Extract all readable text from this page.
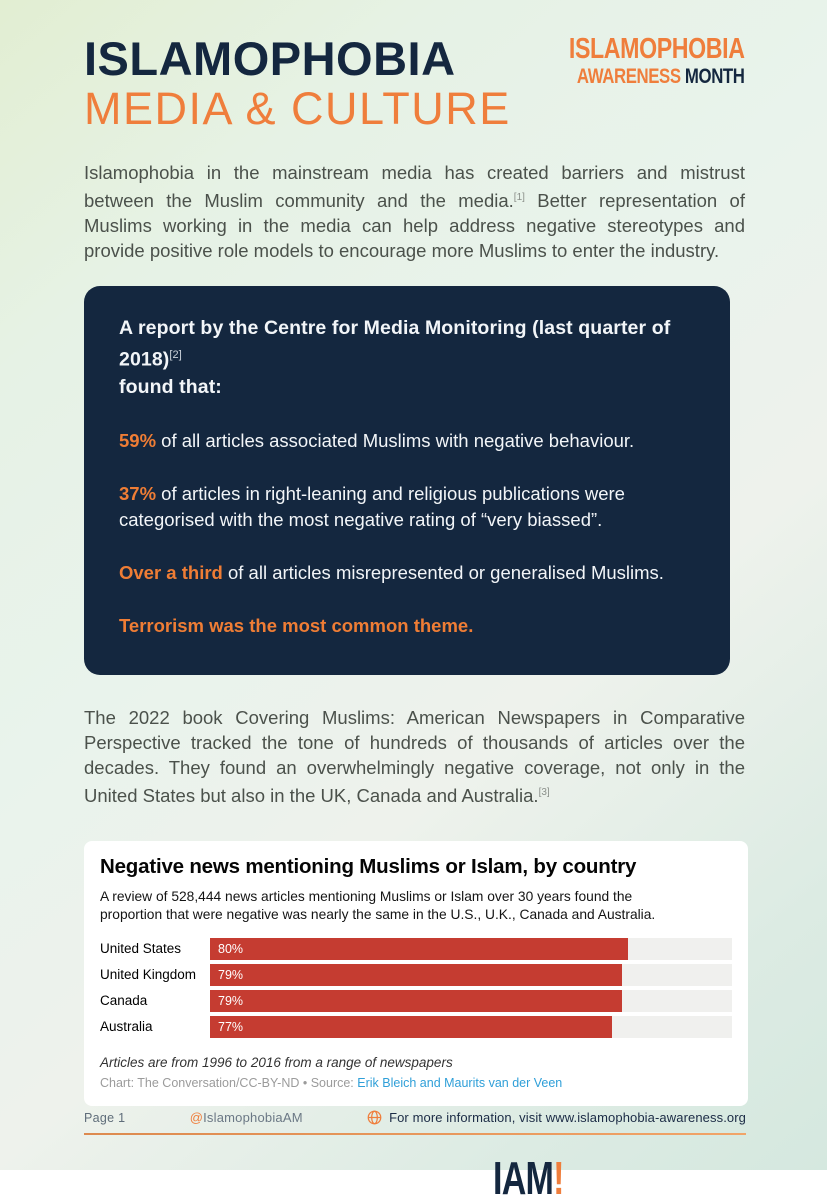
ISLAMOPHOBIA
MEDIA & CULTURE
ISLAMOPHOBIA
AWARENESS MONTH

Islamophobia in the mainstream media has created barriers and mistrust between the Muslim community and the media.[1] Better representation of Muslims working in the media can help address negative stereotypes and provide positive role models to encourage more Muslims to enter the industry.

A report by the Centre for Media Monitoring (last quarter of 2018)[2]
found that:

59% of all articles associated Muslims with negative behaviour.

37% of articles in right-leaning and religious publications were categorised with the most negative rating of “very biassed”.

Over a third of all articles misrepresented or generalised Muslims.

Terrorism was the most common theme.

The 2022 book Covering Muslims: American Newspapers in Comparative Perspective tracked the tone of hundreds of thousands of articles over the decades. They found an overwhelmingly negative coverage, not only in the United States but also in the UK, Canada and Australia.[3]

Negative news mentioning Muslims or Islam, by country
A review of 528,444 news articles mentioning Muslims or Islam over 30 years found the proportion that were negative was nearly the same in the U.S., U.K., Canada and Australia.
United States	80%
United Kingdom	79%
Canada	79%
Australia	77%
Articles are from 1996 to 2016 from a range of newspapers
Chart: The Conversation/CC-BY-ND • Source: Erik Bleich and Maurits van der Veen
Page 1	@IslamophobiaAM	For more information, visit www.islamophobia-awareness.org
IAM!
